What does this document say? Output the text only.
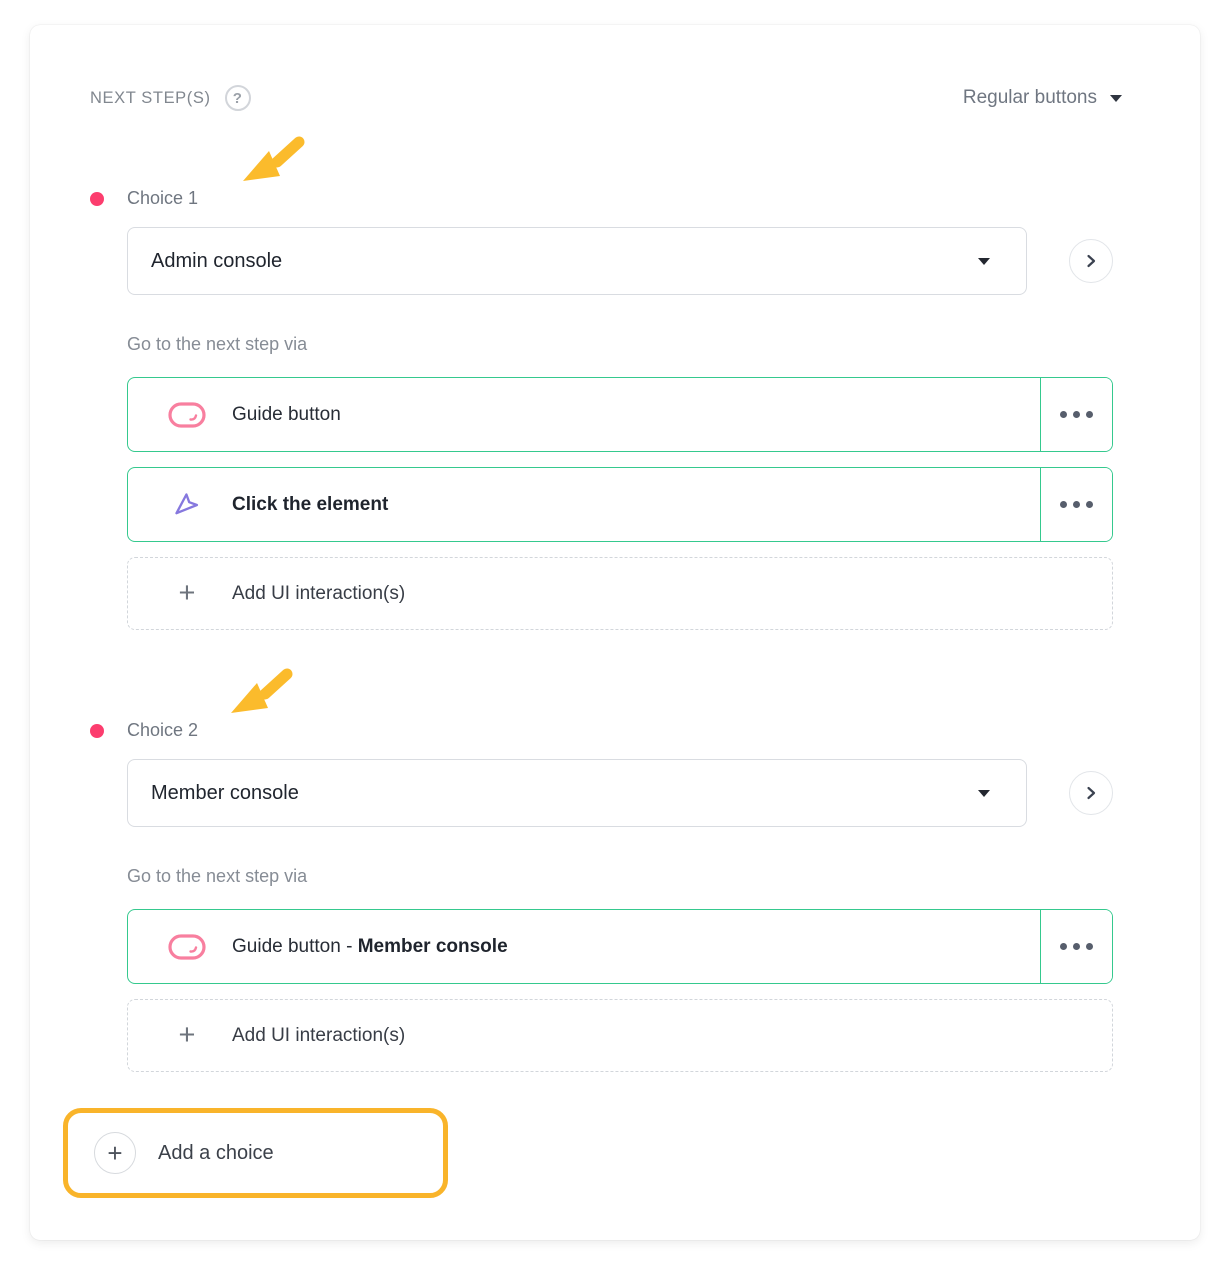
NEXT STEP(S)	?	Regular buttons
Choice 1
Admin console
Go to the next step via
Guide button
Click the element
+	Add UI interaction(s)
Choice 2
Member console
Go to the next step via
Guide button - Member console
+	Add UI interaction(s)
+	Add a choice
